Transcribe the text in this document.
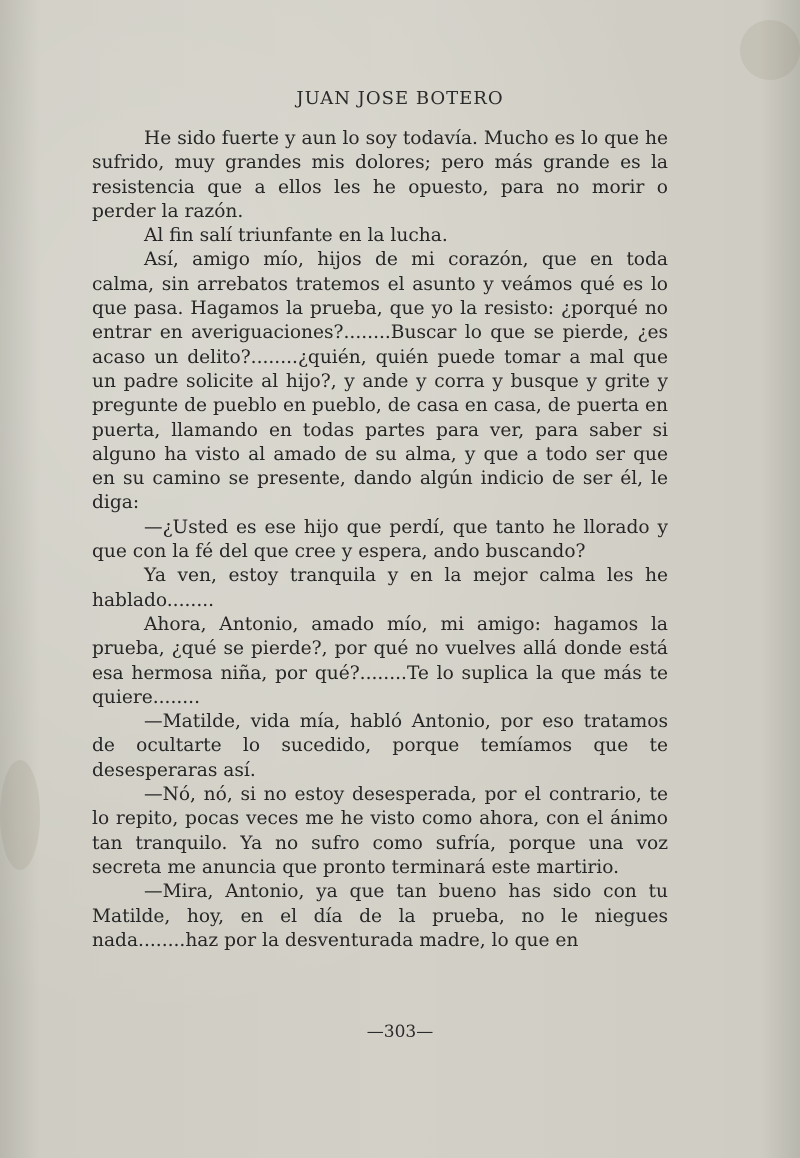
JUAN JOSE BOTERO

He sido fuerte y aun lo soy todavía. Mucho es lo que he sufrido, muy grandes mis dolores; pero más grande es la resistencia que a ellos les he opuesto, para no morir o perder la razón.

Al fin salí triunfante en la lucha.

Así, amigo mío, hijos de mi corazón, que en toda calma, sin arrebatos tratemos el asunto y veámos qué es lo que pasa. Hagamos la prueba, que yo la resisto: ¿porqué no entrar en averiguaciones?........Buscar lo que se pierde, ¿es acaso un delito?........¿quién, quién puede tomar a mal que un padre solicite al hijo?, y ande y corra y busque y grite y pregunte de pueblo en pueblo, de casa en casa, de puerta en puerta, llamando en todas partes para ver, para saber si alguno ha visto al amado de su alma, y que a todo ser que en su camino se presente, dando algún indicio de ser él, le diga:

—¿Usted es ese hijo que perdí, que tanto he llorado y que con la fé del que cree y espera, ando buscando?

Ya ven, estoy tranquila y en la mejor calma les he hablado........

Ahora, Antonio, amado mío, mi amigo: hagamos la prueba, ¿qué se pierde?, por qué no vuelves allá donde está esa hermosa niña, por qué?........Te lo suplica la que más te quiere........

—Matilde, vida mía, habló Antonio, por eso tratamos de ocultarte lo sucedido, porque temíamos que te desesperaras así.

—Nó, nó, si no estoy desesperada, por el contrario, te lo repito, pocas veces me he visto como ahora, con el ánimo tan tranquilo. Ya no sufro como sufría, porque una voz secreta me anuncia que pronto terminará este martirio.

—Mira, Antonio, ya que tan bueno has sido con tu Matilde, hoy, en el día de la prueba, no le niegues nada........haz por la desventurada madre, lo que en

—303—
